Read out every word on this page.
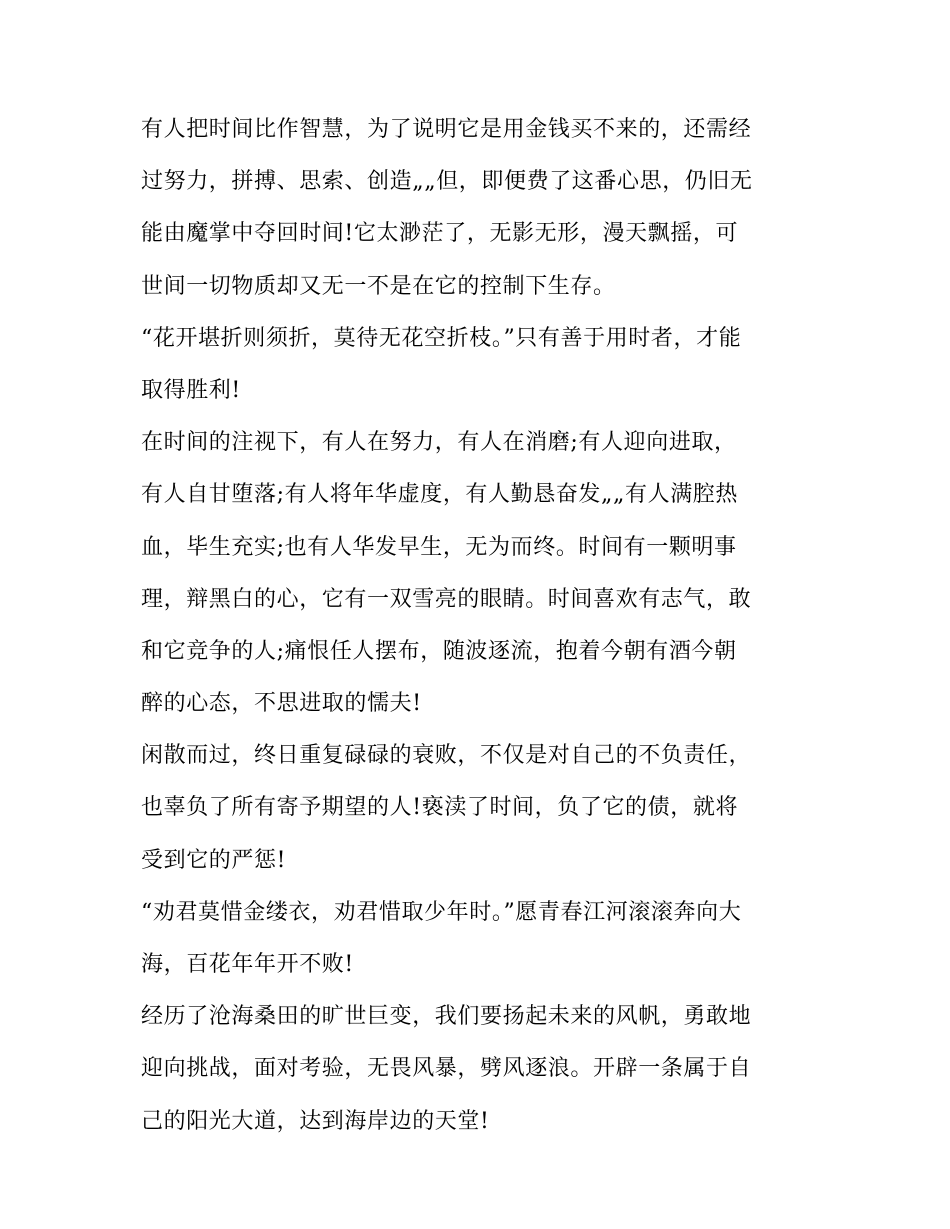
有人把时间比作智慧，为了说明它是用金钱买不来的，还需经
过努力，拼搏、思索、创造„„但，即便费了这番心思，仍旧无
能由魔掌中夺回时间!它太渺茫了，无影无形，漫天飘摇，可
世间一切物质却又无一不是在它的控制下生存。
“花开堪折则须折，莫待无花空折枝。”只有善于用时者，才能
取得胜利!
在时间的注视下，有人在努力，有人在消磨;有人迎向进取，
有人自甘堕落;有人将年华虚度，有人勤恳奋发„„有人满腔热
血，毕生充实;也有人华发早生，无为而终。时间有一颗明事
理，辩黑白的心，它有一双雪亮的眼睛。时间喜欢有志气，敢
和它竞争的人;痛恨任人摆布，随波逐流，抱着今朝有酒今朝
醉的心态，不思进取的懦夫!
闲散而过，终日重复碌碌的衰败，不仅是对自己的不负责任，
也辜负了所有寄予期望的人!亵渎了时间，负了它的债，就将
受到它的严惩!
“劝君莫惜金缕衣，劝君惜取少年时。”愿青春江河滚滚奔向大
海，百花年年开不败!
经历了沧海桑田的旷世巨变，我们要扬起未来的风帆，勇敢地
迎向挑战，面对考验，无畏风暴，劈风逐浪。开辟一条属于自
己的阳光大道，达到海岸边的天堂!
